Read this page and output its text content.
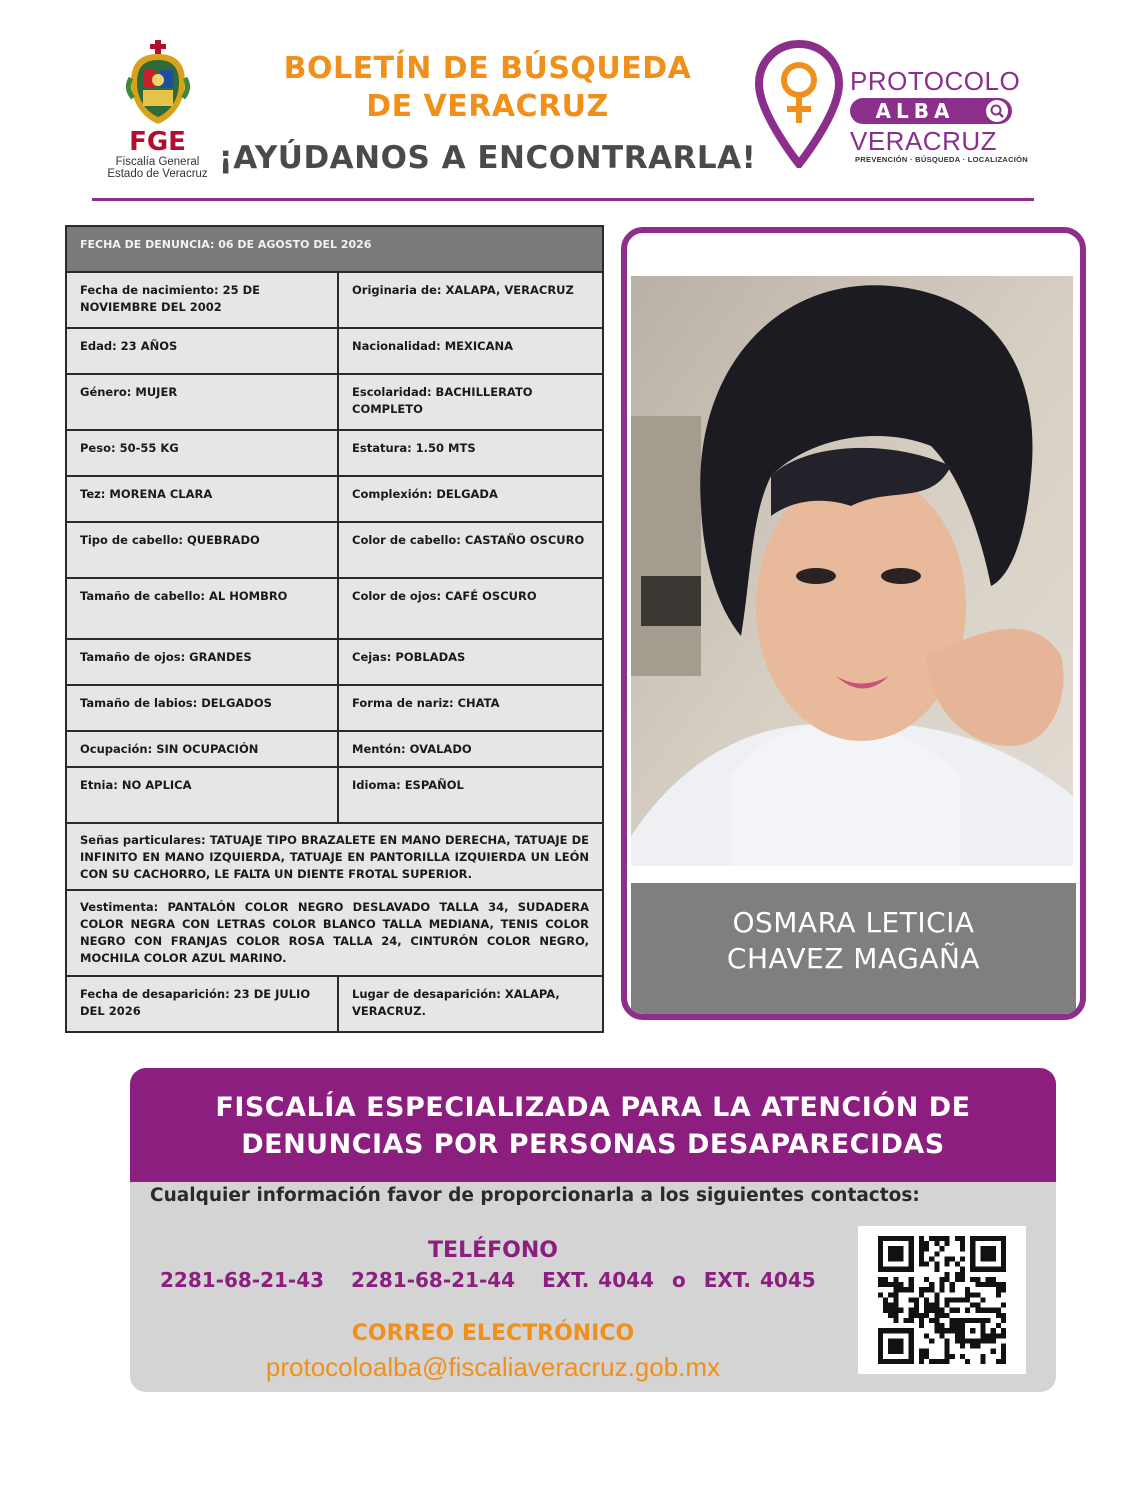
FGE
Fiscalía General
Estado de Veracruz
BOLETÍN DE BÚSQUEDA
DE VERACRUZ
¡AYÚDANOS A ENCONTRARLA!
PROTOCOLO
ALBA
VERACRUZ
PREVENCIÓN · BÚSQUEDA · LOCALIZACIÓN
FECHA DE DENUNCIA: 06 DE AGOSTO DEL 2026	
Fecha de nacimiento: 25 DE NOVIEMBRE DEL 2002	Originaria de: XALAPA, VERACRUZ
Edad: 23 AÑOS	Nacionalidad: MEXICANA
Género: MUJER	Escolaridad: BACHILLERATO COMPLETO
Peso: 50-55 KG	Estatura: 1.50 MTS
Tez: MORENA CLARA	Complexión: DELGADA
Tipo de cabello: QUEBRADO	Color de cabello: CASTAÑO OSCURO
Tamaño de cabello: AL HOMBRO	Color de ojos: CAFÉ OSCURO
Tamaño de ojos: GRANDES	Cejas: POBLADAS
Tamaño de labios: DELGADOS	Forma de nariz: CHATA
Ocupación: SIN OCUPACIÓN	Mentón: OVALADO
Etnia: NO APLICA	Idioma: ESPAÑOL
Señas particulares: TATUAJE TIPO BRAZALETE EN MANO DERECHA, TATUAJE DE INFINITO EN MANO IZQUIERDA, TATUAJE EN PANTORILLA IZQUIERDA UN LEÓN CON SU CACHORRO, LE FALTA UN DIENTE FROTAL SUPERIOR.	
Vestimenta: PANTALÓN COLOR NEGRO DESLAVADO TALLA 34, SUDADERA COLOR NEGRA CON LETRAS COLOR BLANCO TALLA MEDIANA, TENIS COLOR NEGRO CON FRANJAS COLOR ROSA TALLA 24, CINTURÓN COLOR NEGRO, MOCHILA COLOR AZUL MARINO.	
Fecha de desaparición: 23 DE JULIO DEL 2026	Lugar de desaparición: XALAPA, VERACRUZ.
OSMARA LETICIA
CHAVEZ MAGAÑA
FISCALÍA ESPECIALIZADA PARA LA ATENCIÓN DE
DENUNCIAS POR PERSONAS DESAPARECIDAS
Cualquier información favor de proporcionarla a los siguientes contactos:
TELÉFONO
2281-68-21-43 2281-68-21-44 EXT. 4044 o EXT. 4045
CORREO ELECTRÓNICO
protocoloalba@fiscaliaveracruz.gob.mx
